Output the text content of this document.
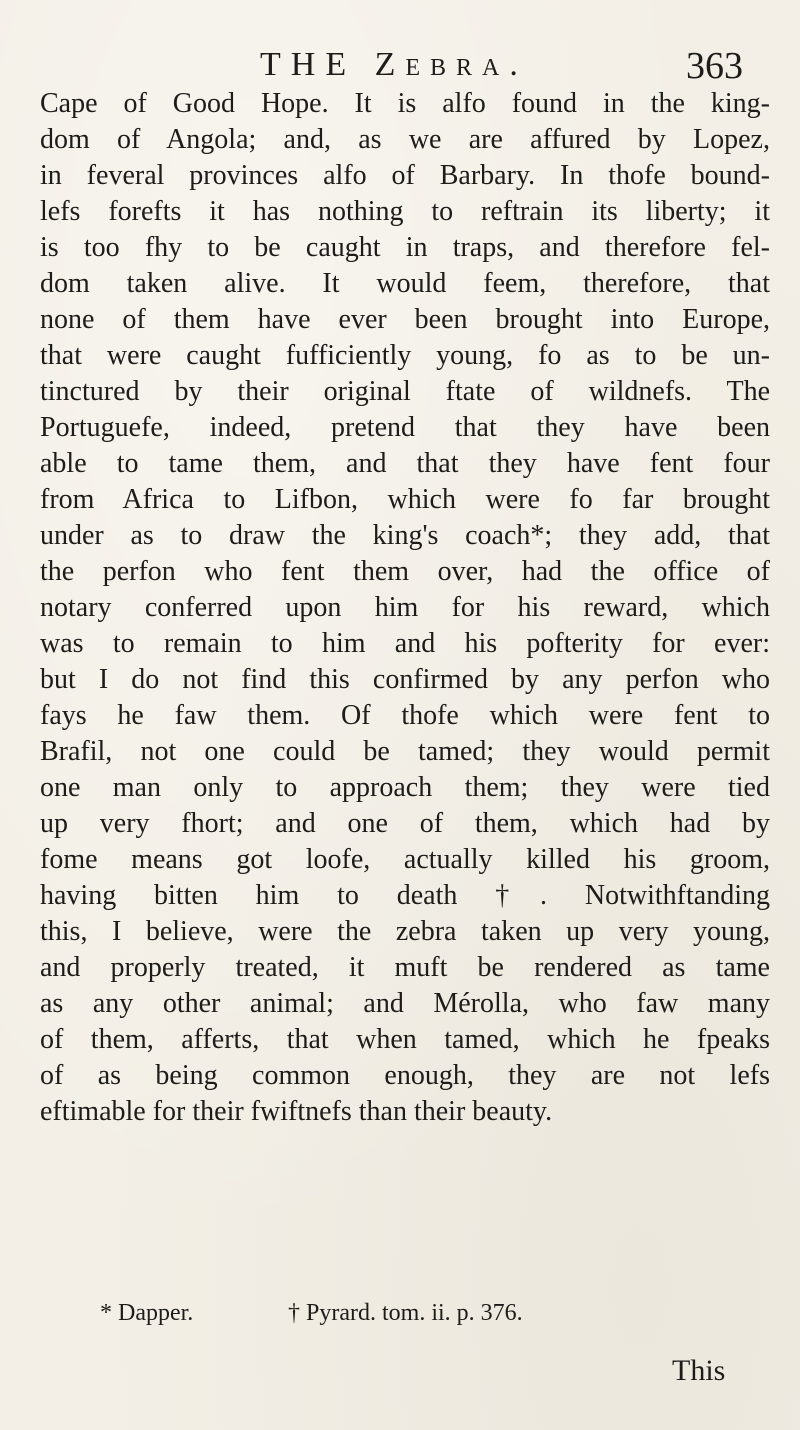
THE Zebra.	363
Cape of Good Hope. It is alfo found in the king-
dom of Angola; and, as we are affured by Lopez,
in feveral provinces alfo of Barbary. In thofe bound-
lefs forefts it has nothing to reftrain its liberty; it
is too fhy to be caught in traps, and therefore fel-
dom taken alive. It would feem, therefore, that
none of them have ever been brought into Europe,
that were caught fufficiently young, fo as to be un-
tinctured by their original ftate of wildnefs. The
Portuguefe, indeed, pretend that they have been
able to tame them, and that they have fent four
from Africa to Lifbon, which were fo far brought
under as to draw the king's coach*; they add, that
the perfon who fent them over, had the office of
notary conferred upon him for his reward, which
was to remain to him and his pofterity for ever:
but I do not find this confirmed by any perfon who
fays he faw them. Of thofe which were fent to
Brafil, not one could be tamed; they would permit
one man only to approach them; they were tied
up very fhort; and one of them, which had by
fome means got loofe, actually killed his groom,
having bitten him to death †. Notwithftanding
this, I believe, were the zebra taken up very young,
and properly treated, it muft be rendered as tame
as any other animal; and Mérolla, who faw many
of them, afferts, that when tamed, which he fpeaks
of as being common enough, they are not lefs
eftimable for their fwiftnefs than their beauty.
* Dapper.	† Pyrard. tom. ii. p. 376.
This
